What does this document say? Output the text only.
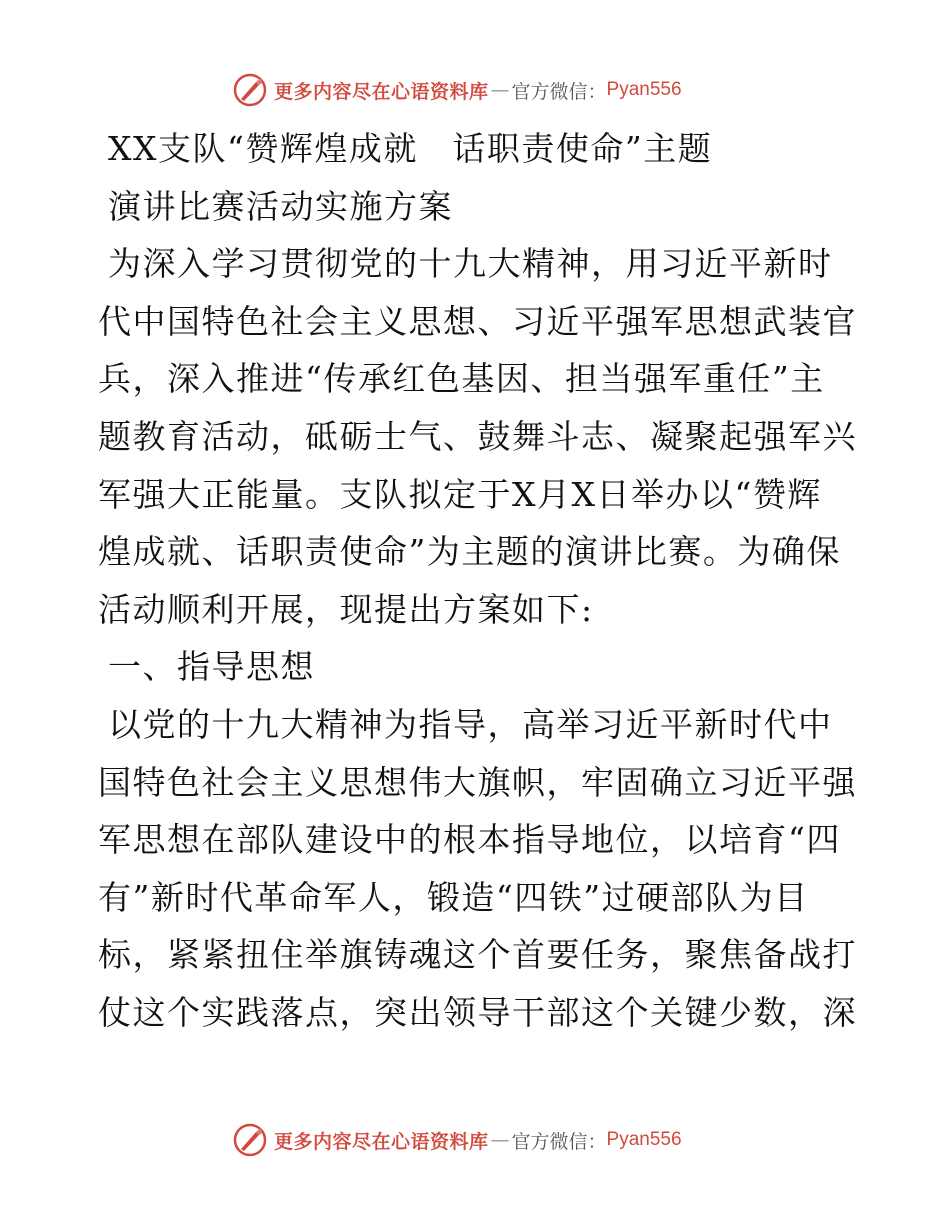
更多内容尽在心语资料库 — 官方微信： Pyan556
XX支队“赞辉煌成就　话职责使命”主题
演讲比赛活动实施方案
为深入学习贯彻党的十九大精神，用习近平新时
代中国特色社会主义思想、习近平强军思想武装官
兵，深入推进“传承红色基因、担当强军重任”主
题教育活动，砥砺士气、鼓舞斗志、凝聚起强军兴
军强大正能量。支队拟定于X月X日举办以“赞辉
煌成就、话职责使命”为主题的演讲比赛。为确保
活动顺利开展，现提出方案如下:
一、指导思想
以党的十九大精神为指导，高举习近平新时代中
国特色社会主义思想伟大旗帜，牢固确立习近平强
军思想在部队建设中的根本指导地位，以培育“四
有”新时代革命军人，锻造“四铁”过硬部队为目
标，紧紧扭住举旗铸魂这个首要任务，聚焦备战打
仗这个实践落点，突出领导干部这个关键少数，深
更多内容尽在心语资料库 — 官方微信： Pyan556
